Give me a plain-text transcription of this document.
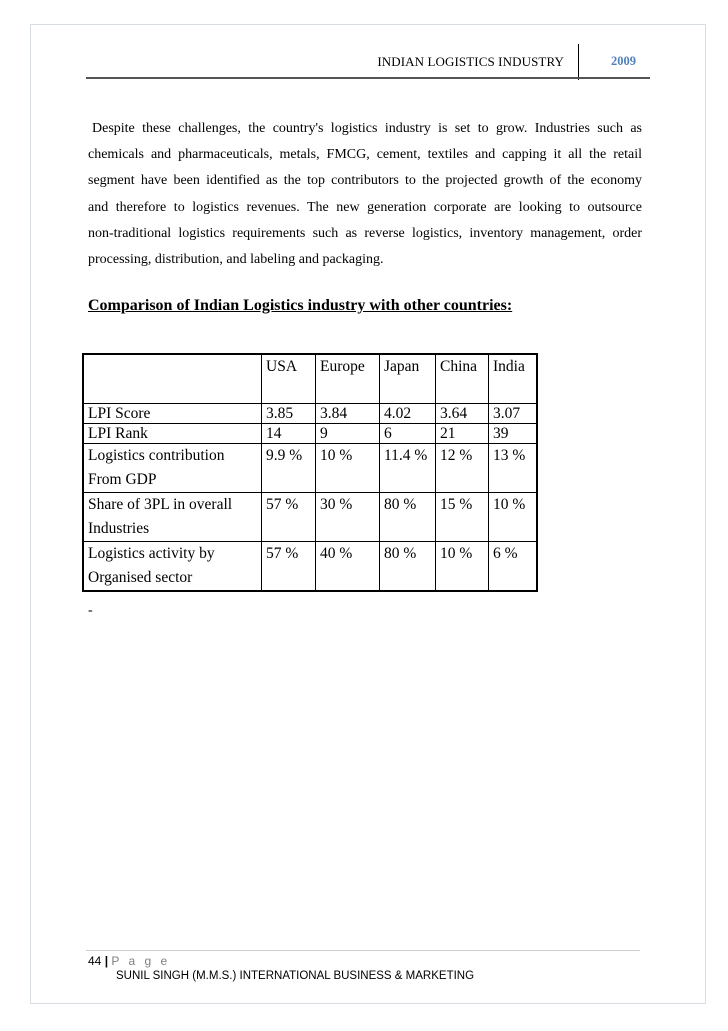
INDIAN LOGISTICS INDUSTRY	2009
Despite these challenges, the country's logistics industry is set to grow. Industries such as
chemicals and pharmaceuticals, metals, FMCG, cement, textiles and capping it all the retail
segment have been identified as the top contributors to the projected growth of the economy
and therefore to logistics revenues. The new generation corporate are looking to outsource
non-traditional logistics requirements such as reverse logistics, inventory management, order
processing, distribution, and labeling and packaging.
Comparison of Indian Logistics industry with other countries:
	USA	Europe	Japan	China	India
LPI Score	3.85	3.84	4.02	3.64	3.07
LPI Rank	14	9	6	21	39
Logistics contribution From GDP	9.9 %	10 %	11.4 %	12 %	13 %
Share of 3PL in overall Industries	57 %	30 %	80 %	15 %	10 %
Logistics activity by Organised sector	57 %	40 %	80 %	10 %	6 %
-
44 | P a g e
SUNIL SINGH (M.M.S.) INTERNATIONAL BUSINESS & MARKETING
